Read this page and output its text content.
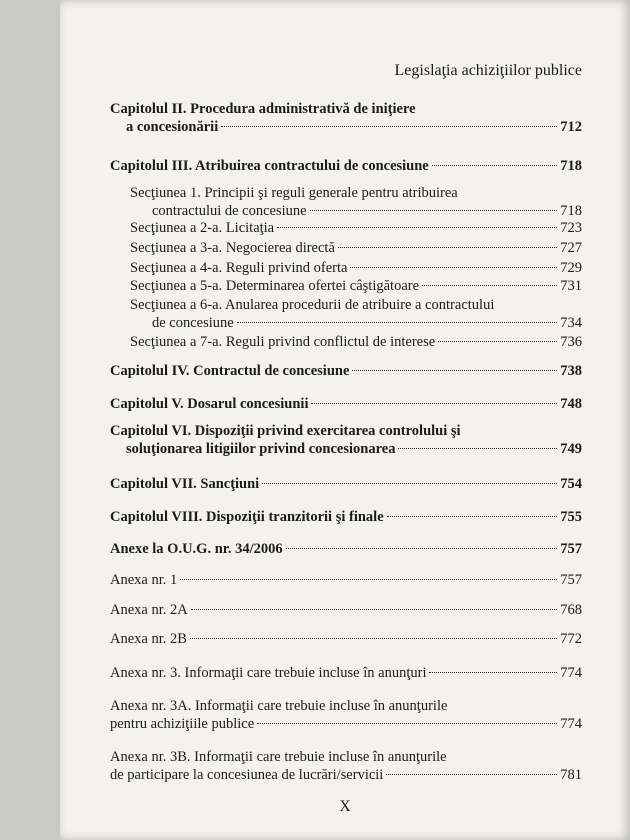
Legislaţia achiziţiilor publice
Capitolul II. Procedura administrativă de iniţiere
a concesionării	712
Capitolul III. Atribuirea contractului de concesiune	718
Secţiunea 1. Principii şi reguli generale pentru atribuirea
contractului de concesiune	718
Secţiunea a 2-a. Licitaţia	723
Secţiunea a 3-a. Negocierea directă	727
Secţiunea a 4-a. Reguli privind oferta	729
Secţiunea a 5-a. Determinarea ofertei câştigătoare	731
Secţiunea a 6-a. Anularea procedurii de atribuire a contractului
de concesiune	734
Secţiunea a 7-a. Reguli privind conflictul de interese	736
Capitolul IV. Contractul de concesiune	738
Capitolul V. Dosarul concesiunii	748
Capitolul VI. Dispoziţii privind exercitarea controlului şi
soluţionarea litigiilor privind concesionarea	749
Capitolul VII. Sancţiuni	754
Capitolul VIII. Dispoziţii tranzitorii şi finale	755
Anexe la O.U.G. nr. 34/2006	757
Anexa nr. 1	757
Anexa nr. 2A	768
Anexa nr. 2B	772
Anexa nr. 3. Informaţii care trebuie incluse în anunţuri	774
Anexa nr. 3A. Informaţii care trebuie incluse în anunţurile
pentru achiziţiile publice	774
Anexa nr. 3B. Informaţii care trebuie incluse în anunţurile
de participare la concesiunea de lucrări/servicii	781
X
